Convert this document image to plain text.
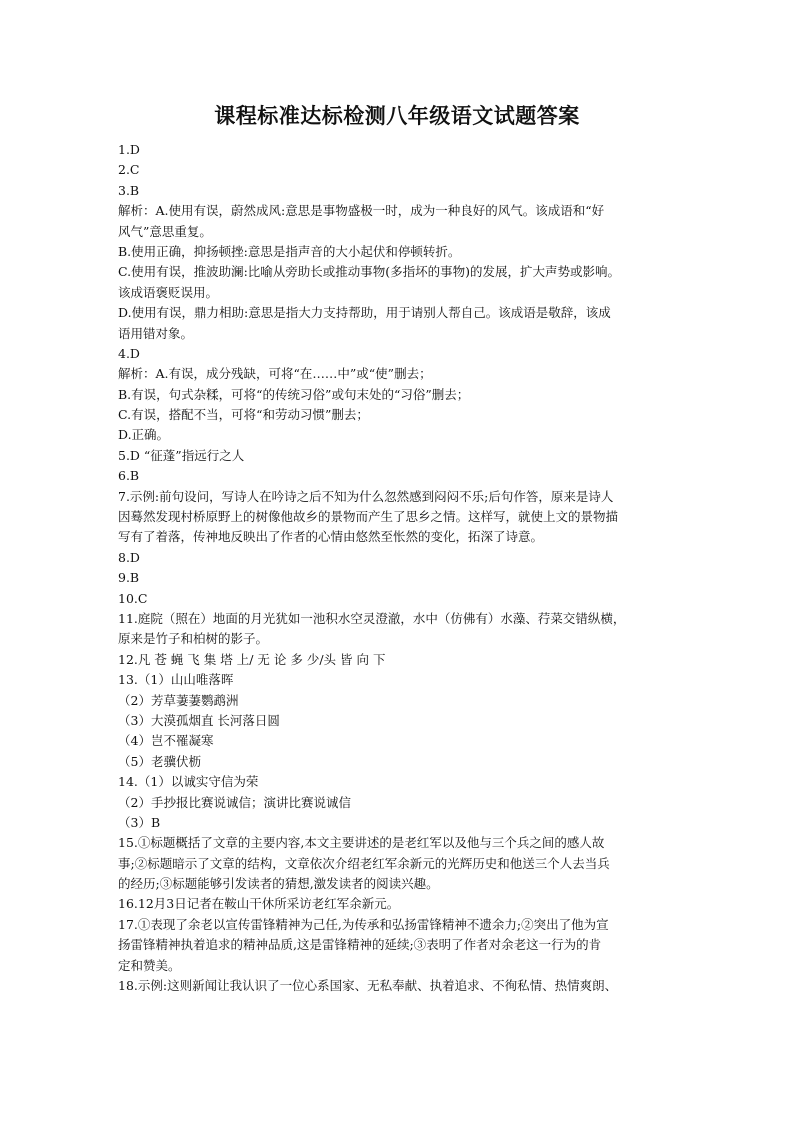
课程标准达标检测八年级语文试题答案
1.D
2.C
3.B
解析：A.使用有误，蔚然成风:意思是事物盛极一时，成为一种良好的风气。该成语和“好
风气”意思重复。
B.使用正确，抑扬顿挫:意思是指声音的大小起伏和停顿转折。
C.使用有误，推波助澜:比喻从旁助长或推动事物(多指坏的事物)的发展，扩大声势或影响。
该成语褒贬误用。
D.使用有误，鼎力相助:意思是指大力支持帮助，用于请别人帮自己。该成语是敬辞，该成
语用错对象。
4.D
解析：A.有误，成分残缺，可将“在……中”或“使”删去；
B.有误，句式杂糅，可将“的传统习俗”或句末处的“习俗”删去；
C.有误，搭配不当，可将“和劳动习惯”删去；
D.正确。
5.D “征蓬”指远行之人
6.B
7.示例:前句设问，写诗人在吟诗之后不知为什么忽然感到闷闷不乐;后句作答，原来是诗人
因蓦然发现村桥原野上的树像他故乡的景物而产生了思乡之情。这样写，就使上文的景物描
写有了着落，传神地反映出了作者的心情由悠然至怅然的变化，拓深了诗意。
8.D
9.B
10.C
11.庭院（照在）地面的月光犹如一池积水空灵澄澈，水中（仿佛有）水藻、荇菜交错纵横，
原来是竹子和柏树的影子。
12.凡 苍 蝇 飞 集 塔 上/ 无 论 多 少/头 皆 向 下
13.（1）山山唯落晖
（2）芳草萋萋鹦鹉洲
（3）大漠孤烟直 长河落日圆
（4）岂不罹凝寒
（5）老骥伏枥
14.（1）以诚实守信为荣
（2）手抄报比赛说诚信；演讲比赛说诚信
（3）B
15.①标题概括了文章的主要内容,本文主要讲述的是老红军以及他与三个兵之间的感人故
事;②标题暗示了文章的结构，文章依次介绍老红军余新元的光辉历史和他送三个人去当兵
的经历;③标题能够引发读者的猜想,激发读者的阅读兴趣。
16.12月3日记者在鞍山干休所采访老红军余新元。
17.①表现了余老以宣传雷锋精神为己任,为传承和弘扬雷锋精神不遗余力;②突出了他为宣
扬雷锋精神执着追求的精神品质,这是雷锋精神的延续;③表明了作者对余老这一行为的肯
定和赞美。
18.示例:这则新闻让我认识了一位心系国家、无私奉献、执着追求、不徇私情、热情爽朗、
